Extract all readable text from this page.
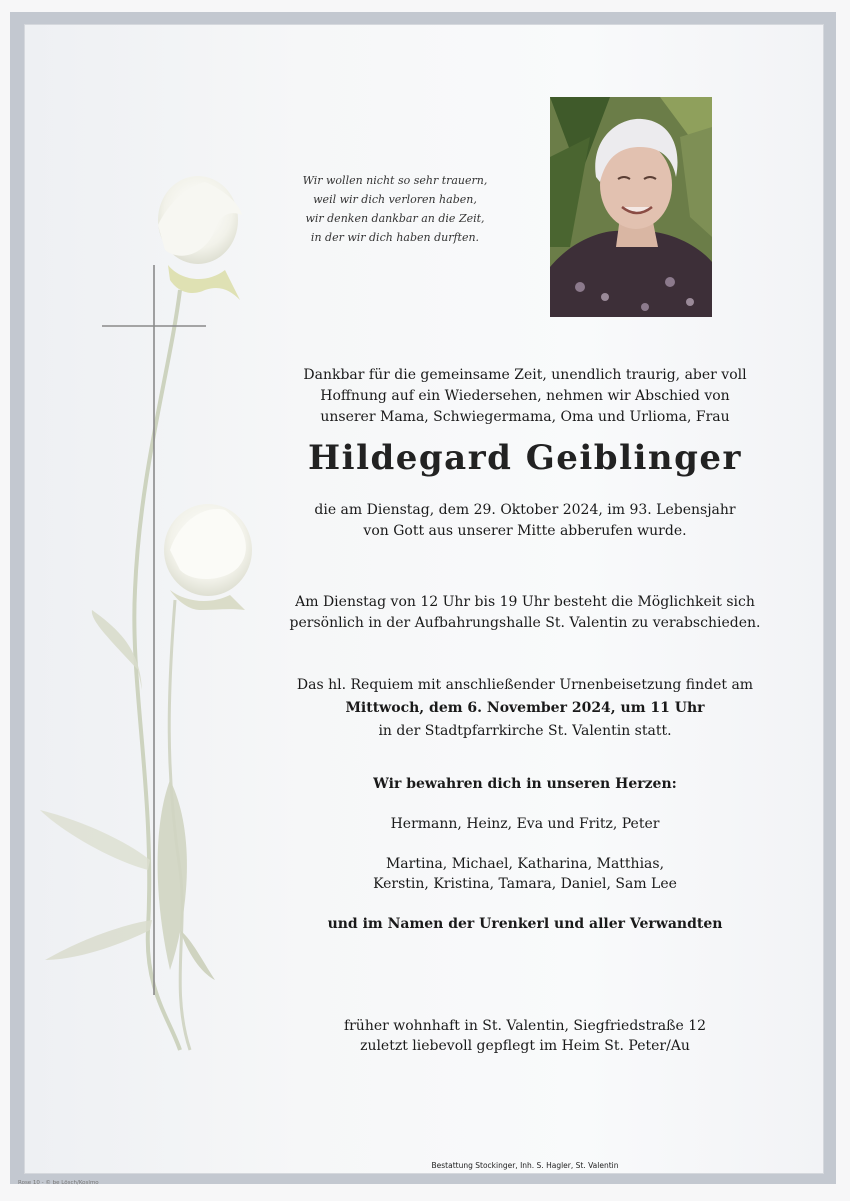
Wir wollen nicht so sehr trauern,
weil wir dich verloren haben,
wir denken dankbar an die Zeit,
in der wir dich haben durften.
Dankbar für die gemeinsame Zeit, unendlich traurig, aber voll
Hoffnung auf ein Wiedersehen, nehmen wir Abschied von
unserer Mama, Schwiegermama, Oma und Urlioma, Frau
Hildegard Geiblinger
die am Dienstag, dem 29. Oktober 2024, im 93. Lebensjahr
von Gott aus unserer Mitte abberufen wurde.
Am Dienstag von 12 Uhr bis 19 Uhr besteht die Möglichkeit sich
persönlich in der Aufbahrungshalle St. Valentin zu verabschieden.
Das hl. Requiem mit anschließender Urnenbeisetzung findet am
Mittwoch, dem 6. November 2024, um 11 Uhr
in der Stadtpfarrkirche St. Valentin statt.
Wir bewahren dich in unseren Herzen:
Hermann, Heinz, Eva und Fritz, Peter
Martina, Michael, Katharina, Matthias,
Kerstin, Kristina, Tamara, Daniel, Sam Lee
und im Namen der Urenkerl und aller Verwandten
früher wohnhaft in St. Valentin, Siegfriedstraße 12
zuletzt liebevoll gepflegt im Heim St. Peter/Au
Bestattung Stockinger, Inh. S. Hagler, St. Valentin
Rose 10 - © be Lösch/Koslmo
